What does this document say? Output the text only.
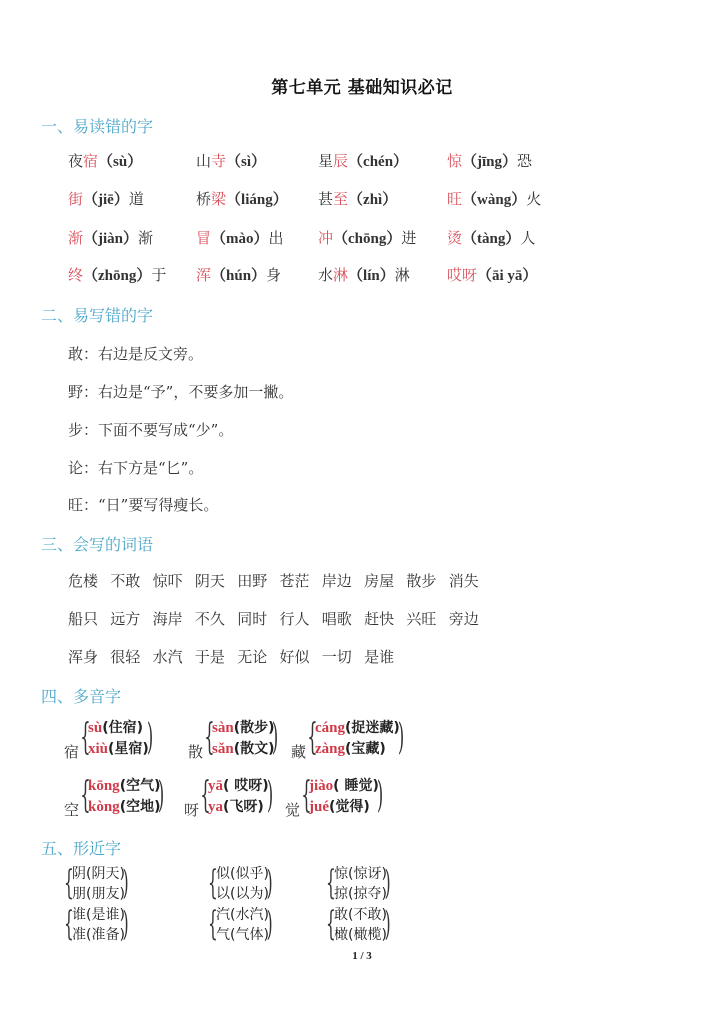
第七单元 基础知识必记
一、易读错的字
夜宿（sù）	山寺（sì）	星辰（chén）	惊（jīng）恐
街（jiē）道	桥梁（liáng） 甚至（zhì）	旺（wàng）火
渐（jiàn）渐	冒（mào）出 冲（chōng）进 烫（tàng）人
终（zhōng）于 浑（hún）身 水淋（lín）淋 哎呀（āi yā）
二、易写错的字
敢：右边是反文旁。
野：右边是“予”，不要多加一撇。
步：下面不要写成“少”。
论：右下方是“匕”。
旺：“日”要写得瘦长。
三、会写的词语
危楼 不敢 惊吓 阴天 田野 苍茫 岸边 房屋 散步 消失
船只 远方 海岸 不久 同时 行人 唱歌 赶快 兴旺 旁边
浑身 很轻 水汽 于是 无论 好似 一切 是谁
四、多音字
宿 {
sù(住宿)
xiù(星宿)
) 散 {
sàn(散步)
sǎn(散文)
) 藏 {
cáng(捉迷藏)
zàng(宝藏) )
空 {
kōng(空气)
kòng(空地)
) 呀 {
yā( 哎呀)
ya(飞呀) ) 觉 {
jiào( 睡觉)
jué(觉得) )
五、形近字
{
阴(阴天)
朋(朋友)
) {
似(似乎)
以(以为)
) {
惊(惊讶)
掠(掠夺)
)
{
谁(是谁)
准(准备)
) {
汽(水汽)
气(气体)
) {
敢(不敢)
橄(橄榄)
)
1 / 3
